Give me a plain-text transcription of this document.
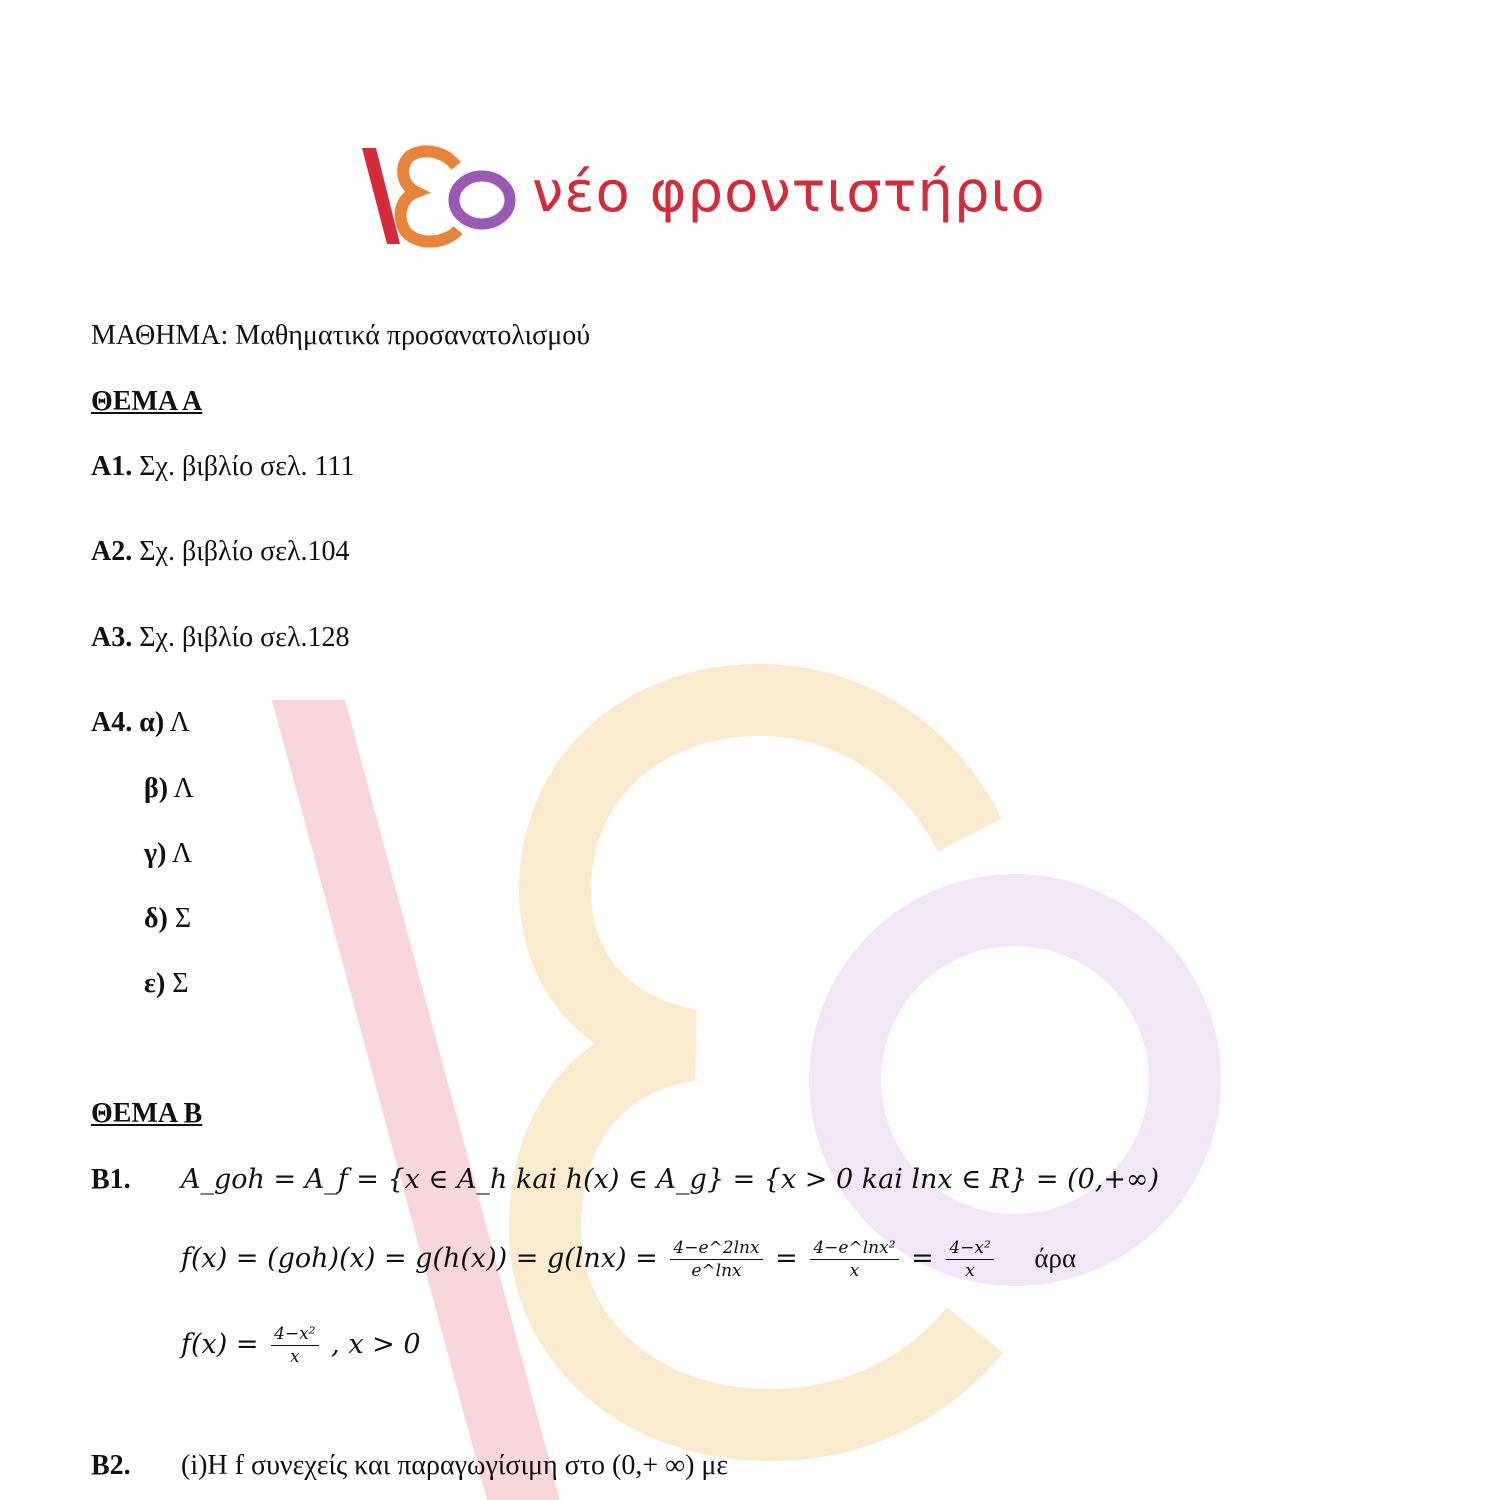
νέο φροντιστήριο
ΜΑΘΗΜΑ: Μαθηματικά προσανατολισμού
ΘΕΜΑ Α
Α1. Σχ. βιβλίο σελ. 111
Α2. Σχ. βιβλίο σελ.104
Α3. Σχ. βιβλίο σελ.128
Α4. α) Λ
β) Λ
γ) Λ
δ) Σ
ε) Σ
ΘΕΜΑ Β
Β1. A_goh = A_f = {x ∈ A_h kai h(x) ∈ A_g} = {x > 0 kai lnx ∈ R} = (0,+∞)
$f(x) = (goh)(x) = g(h(x)) = g(\ln x) = \frac{4-e\^{}2\ln x}{e\^{}\ln x} = \frac{\text{4−e\textasciicircum{}lnx²}}{x} = \frac{\text{4−x²}}{x}$ άρα
$f(x) = \frac{\text{4−x²}}{x}$ , x > 0
Β2. (i)Η f συνεχείς και παραγωγίσιμη στο (0,+ ∞) με
